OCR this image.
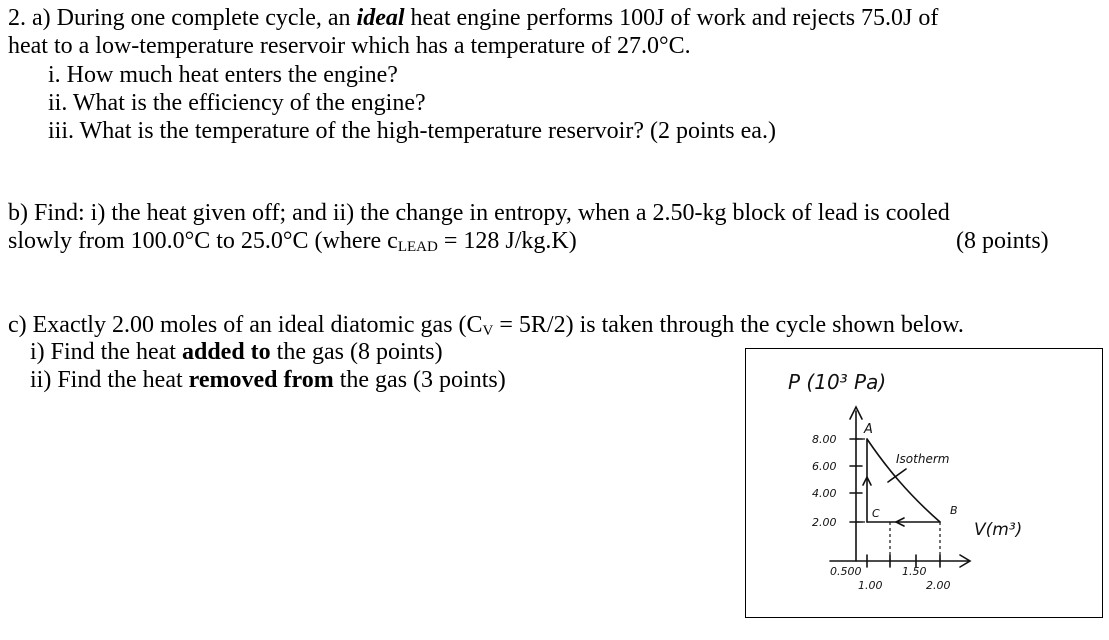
2. a) During one complete cycle, an ideal heat engine performs 100J of work and rejects 75.0J of
heat to a low-temperature reservoir which has a temperature of 27.0°C.
i. How much heat enters the engine?
ii. What is the efficiency of the engine?
iii. What is the temperature of the high-temperature reservoir? (2 points ea.)
b) Find: i) the heat given off; and ii) the change in entropy, when a 2.50-kg block of lead is cooled
slowly from 100.0°C to 25.0°C (where $c_{LEAD} = 128$ J/kg.K)	(8 points)
c) Exactly 2.00 moles of an ideal diatomic gas $(C_V = 5R/2)$ is taken through the cycle shown below.
i) Find the heat added to the gas (8 points)
ii) Find the heat removed from the gas (3 points)	P (10³ Pa)
8.00
6.00
4.00
2.00
0.500	1.50
1.00	2.00
A
B
C
Isotherm
V(m³)
